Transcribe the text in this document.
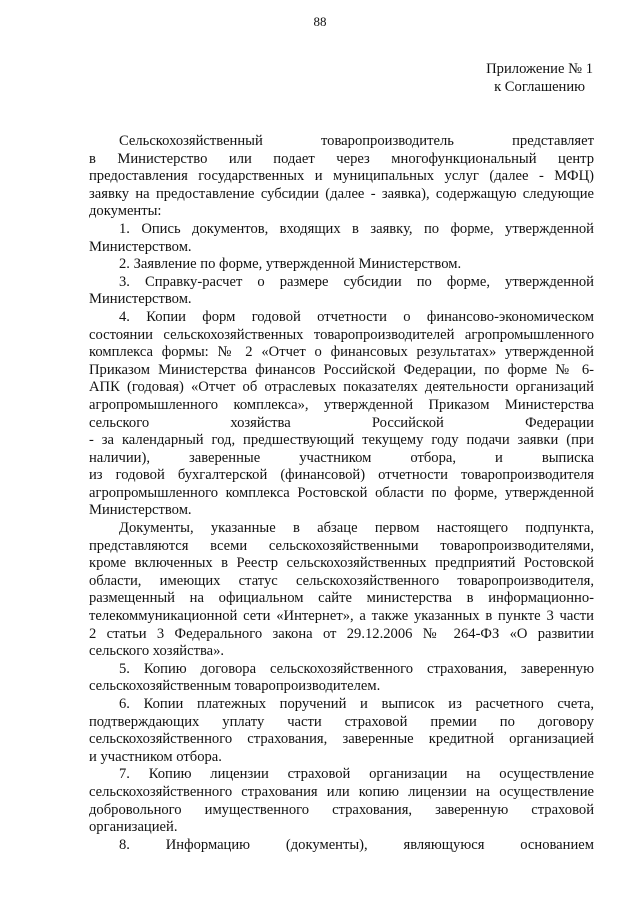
88
Приложение № 1
к Соглашению
Сельскохозяйственный товаропроизводитель представляет
в Министерство или подает через многофункциональный центр
предоставления государственных и муниципальных услуг (далее - МФЦ)
заявку на предоставление субсидии (далее - заявка), содержащую следующие
документы:
1. Опись документов, входящих в заявку, по форме, утвержденной
Министерством.
2. Заявление по форме, утвержденной Министерством.
3. Справку-расчет о размере субсидии по форме, утвержденной
Министерством.
4. Копии форм годовой отчетности о финансово-экономическом
состоянии сельскохозяйственных товаропроизводителей агропромышленного
комплекса формы: № 2 «Отчет о финансовых результатах» утвержденной
Приказом Министерства финансов Российской Федерации, по форме № 6-
АПК (годовая) «Отчет об отраслевых показателях деятельности организаций
агропромышленного комплекса», утвержденной Приказом Министерства
сельского хозяйства Российской Федерации
- за календарный год, предшествующий текущему году подачи заявки (при
наличии), заверенные участником отбора, и выписка
из годовой бухгалтерской (финансовой) отчетности товаропроизводителя
агропромышленного комплекса Ростовской области по форме, утвержденной
Министерством.
Документы, указанные в абзаце первом настоящего подпункта,
представляются всеми сельскохозяйственными товаропроизводителями,
кроме включенных в Реестр сельскохозяйственных предприятий Ростовской
области, имеющих статус сельскохозяйственного товаропроизводителя,
размещенный на официальном сайте министерства в информационно-
телекоммуникационной сети «Интернет», а также указанных в пункте 3 части
2 статьи 3 Федерального закона от 29.12.2006 № 264-ФЗ «О развитии
сельского хозяйства».
5. Копию договора сельскохозяйственного страхования, заверенную
сельскохозяйственным товаропроизводителем.
6. Копии платежных поручений и выписок из расчетного счета,
подтверждающих уплату части страховой премии по договору
сельскохозяйственного страхования, заверенные кредитной организацией
и участником отбора.
7. Копию лицензии страховой организации на осуществление
сельскохозяйственного страхования или копию лицензии на осуществление
добровольного имущественного страхования, заверенную страховой
организацией.
8. Информацию (документы), являющуюся основанием
